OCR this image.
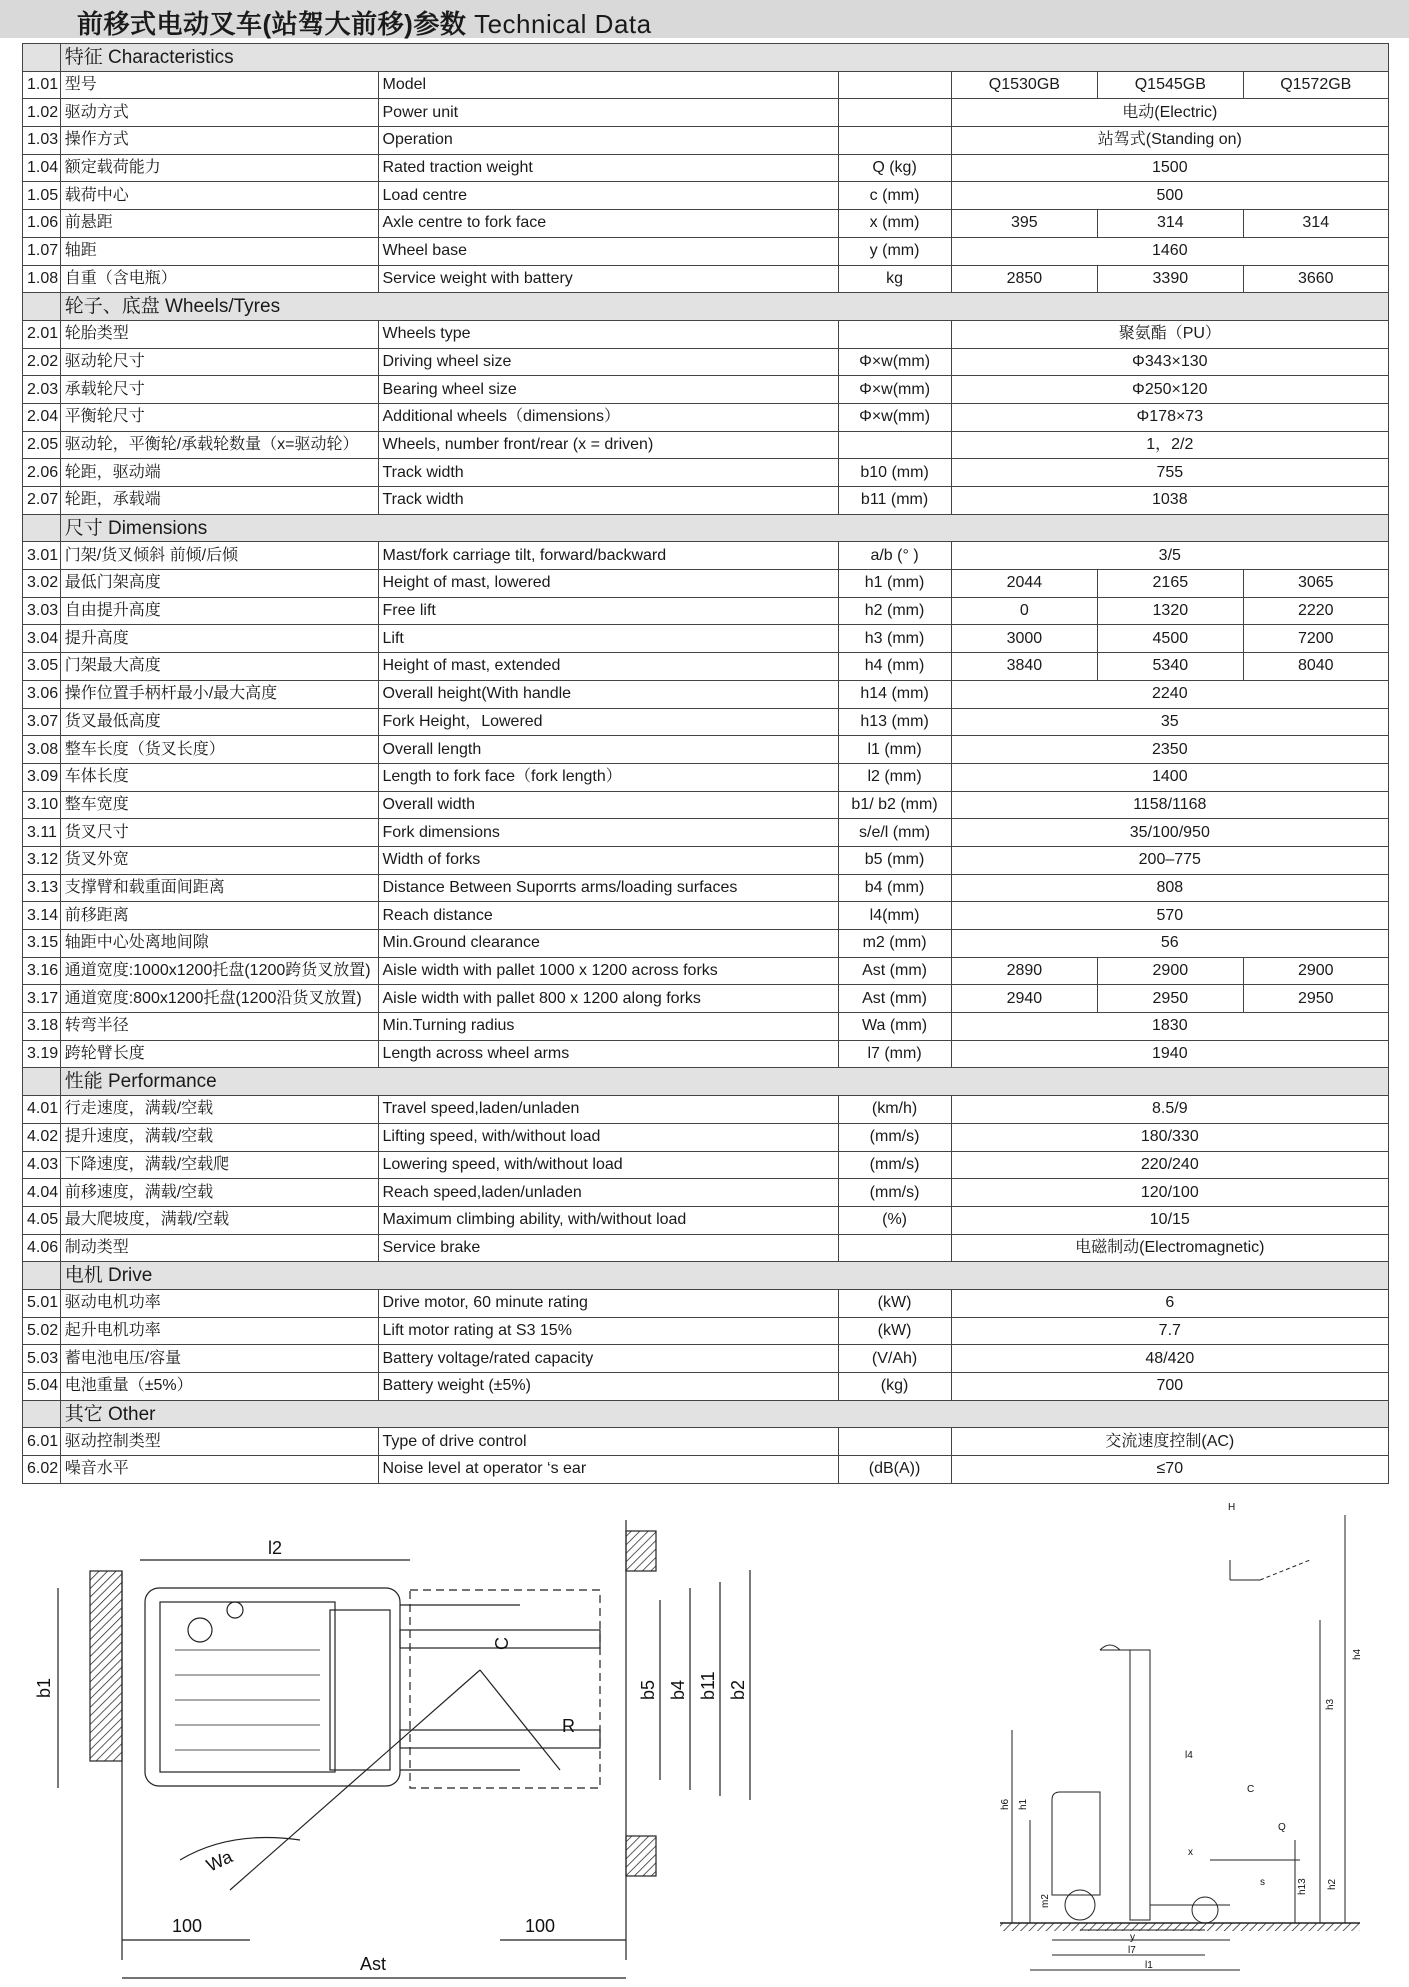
前移式电动叉车(站驾大前移)参数 Technical Data
	特征 Characteristics					
1.01	型号	Model		Q1530GB	Q1545GB	Q1572GB
1.02	驱动方式	Power unit		电动(Electric)		
1.03	操作方式	Operation		站驾式(Standing on)		
1.04	额定载荷能力	Rated traction weight	Q (kg)	1500		
1.05	载荷中心	Load centre	c (mm)	500		
1.06	前悬距	Axle centre to fork face	x (mm)	395	314	314
1.07	轴距	Wheel base	y (mm)	1460		
1.08	自重（含电瓶）	Service weight with battery	kg	2850	3390	3660
	轮子、底盘 Wheels/Tyres					
2.01	轮胎类型	Wheels type		聚氨酯（PU）		
2.02	驱动轮尺寸	Driving wheel size	Φ×w(mm)	Φ343×130		
2.03	承载轮尺寸	Bearing wheel size	Φ×w(mm)	Φ250×120		
2.04	平衡轮尺寸	Additional wheels（dimensions）	Φ×w(mm)	Φ178×73		
2.05	驱动轮，平衡轮/承载轮数量（x=驱动轮）	Wheels, number front/rear (x = driven)		1，2/2		
2.06	轮距，驱动端	Track width	b10 (mm)	755		
2.07	轮距，承载端	Track width	b11 (mm)	1038		
	尺寸 Dimensions					
3.01	门架/货叉倾斜 前倾/后倾	Mast/fork carriage tilt, forward/backward	a/b (° )	3/5		
3.02	最低门架高度	Height of mast, lowered	h1 (mm)	2044	2165	3065
3.03	自由提升高度	Free lift	h2 (mm)	0	1320	2220
3.04	提升高度	Lift	h3 (mm)	3000	4500	7200
3.05	门架最大高度	Height of mast, extended	h4 (mm)	3840	5340	8040
3.06	操作位置手柄杆最小/最大高度	Overall height(With handle	h14 (mm)	2240		
3.07	货叉最低高度	Fork Height，Lowered	h13 (mm)	35		
3.08	整车长度（货叉长度）	Overall length	l1 (mm)	2350		
3.09	车体长度	Length to fork face（fork length）	l2 (mm)	1400		
3.10	整车宽度	Overall width	b1/ b2 (mm)	1158/1168		
3.11	货叉尺寸	Fork dimensions	s/e/l (mm)	35/100/950		
3.12	货叉外宽	Width of forks	b5 (mm)	200–775		
3.13	支撑臂和载重面间距离	Distance Between Suporrts arms/loading surfaces	b4 (mm)	808		
3.14	前移距离	Reach distance	l4(mm)	570		
3.15	轴距中心处离地间隙	Min.Ground clearance	m2 (mm)	56		
3.16	通道宽度:1000x1200托盘(1200跨货叉放置)	Aisle width with pallet 1000 x 1200 across forks	Ast (mm)	2890	2900	2900
3.17	通道宽度:800x1200托盘(1200沿货叉放置)	Aisle width with pallet 800 x 1200 along forks	Ast (mm)	2940	2950	2950
3.18	转弯半径	Min.Turning radius	Wa (mm)	1830		
3.19	跨轮臂长度	Length across wheel arms	l7 (mm)	1940		
	性能 Performance					
4.01	行走速度，满载/空载	Travel speed,laden/unladen	(km/h)	8.5/9		
4.02	提升速度，满载/空载	Lifting speed, with/without load	(mm/s)	180/330		
4.03	下降速度，满载/空载爬	Lowering speed, with/without load	(mm/s)	220/240		
4.04	前移速度，满载/空载	Reach speed,laden/unladen	(mm/s)	120/100		
4.05	最大爬坡度，满载/空载	Maximum climbing ability, with/without load	(%)	10/15		
4.06	制动类型	Service brake		电磁制动(Electromagnetic)		
	电机 Drive					
5.01	驱动电机功率	Drive motor, 60 minute rating	(kW)	6		
5.02	起升电机功率	Lift motor rating at S3 15%	(kW)	7.7		
5.03	蓄电池电压/容量	Battery voltage/rated capacity	(V/Ah)	48/420		
5.04	电池重量（±5%）	Battery weight (±5%)	(kg)	700		
	其它 Other					
6.01	驱动控制类型	Type of drive control		交流速度控制(AC)		
6.02	噪音水平	Noise level at operator ‘s ear	(dB(A))	≤70		
l2
b1	b5 b4 b11 b2
C
R
Wa
100	100
Ast
H
h4
h3
h1
h6
l4
C
Q
x
h2
h13
s
m2
y
l7
l1
